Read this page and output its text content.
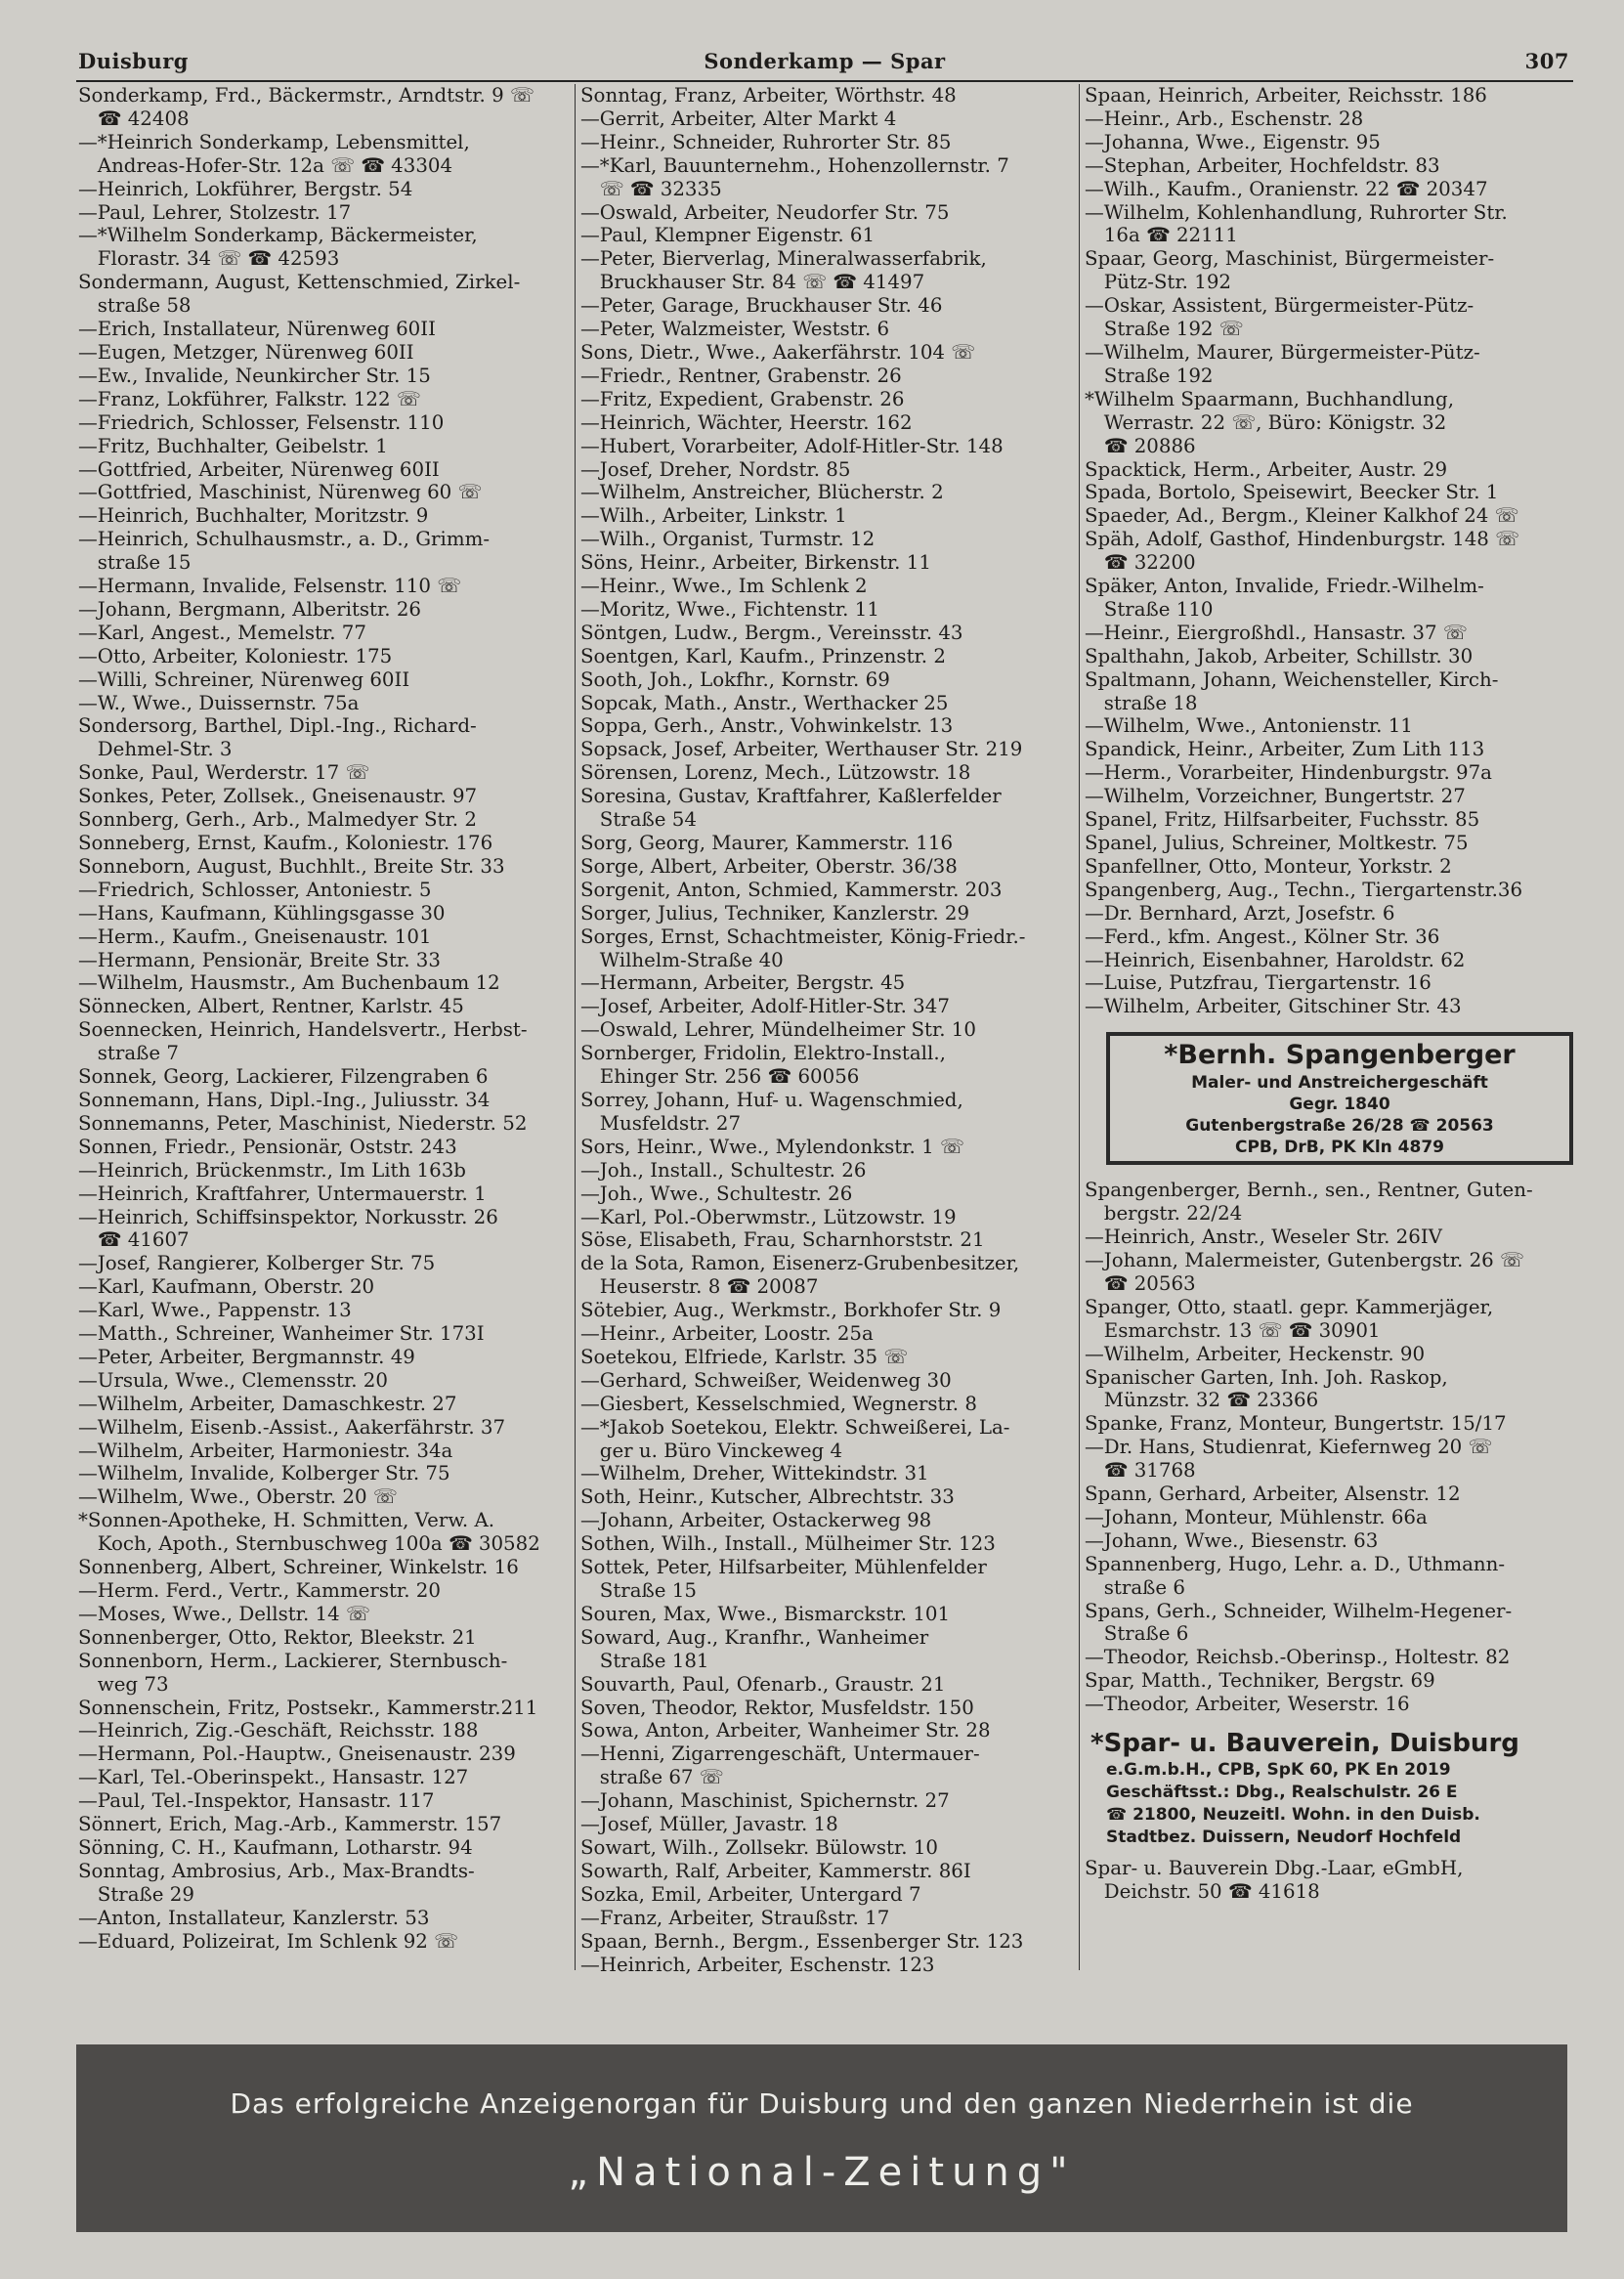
Duisburg	Sonderkamp — Spar	307
Sonderkamp, Frd., Bäckermstr., Arndtstr. 9 ☏
 ☎ 42408
—*Heinrich Sonderkamp, Lebensmittel,
 Andreas-Hofer-Str. 12a ☏ ☎ 43304
—Heinrich, Lokführer, Bergstr. 54
—Paul, Lehrer, Stolzestr. 17
—*Wilhelm Sonderkamp, Bäckermeister,
 Florastr. 34 ☏ ☎ 42593
Sondermann, August, Kettenschmied, Zirkel-
 straße 58
—Erich, Installateur, Nürenweg 60II
—Eugen, Metzger, Nürenweg 60II
—Ew., Invalide, Neunkircher Str. 15
—Franz, Lokführer, Falkstr. 122 ☏
—Friedrich, Schlosser, Felsenstr. 110
—Fritz, Buchhalter, Geibelstr. 1
—Gottfried, Arbeiter, Nürenweg 60II
—Gottfried, Maschinist, Nürenweg 60 ☏
—Heinrich, Buchhalter, Moritzstr. 9
—Heinrich, Schulhausmstr., a. D., Grimm-
 straße 15
—Hermann, Invalide, Felsenstr. 110 ☏
—Johann, Bergmann, Alberitstr. 26
—Karl, Angest., Memelstr. 77
—Otto, Arbeiter, Koloniestr. 175
—Willi, Schreiner, Nürenweg 60II
—W., Wwe., Duissernstr. 75a
Sondersorg, Barthel, Dipl.-Ing., Richard-
 Dehmel-Str. 3
Sonke, Paul, Werderstr. 17 ☏
Sonkes, Peter, Zollsek., Gneisenaustr. 97
Sonnberg, Gerh., Arb., Malmedyer Str. 2
Sonneberg, Ernst, Kaufm., Koloniestr. 176
Sonneborn, August, Buchhlt., Breite Str. 33
—Friedrich, Schlosser, Antoniestr. 5
—Hans, Kaufmann, Kühlingsgasse 30
—Herm., Kaufm., Gneisenaustr. 101
—Hermann, Pensionär, Breite Str. 33
—Wilhelm, Hausmstr., Am Buchenbaum 12
Sönnecken, Albert, Rentner, Karlstr. 45
Soennecken, Heinrich, Handelsvertr., Herbst-
 straße 7
Sonnek, Georg, Lackierer, Filzengraben 6
Sonnemann, Hans, Dipl.-Ing., Juliusstr. 34
Sonnemanns, Peter, Maschinist, Niederstr. 52
Sonnen, Friedr., Pensionär, Oststr. 243
—Heinrich, Brückenmstr., Im Lith 163b
—Heinrich, Kraftfahrer, Untermauerstr. 1
—Heinrich, Schiffsinspektor, Norkusstr. 26
 ☎ 41607
—Josef, Rangierer, Kolberger Str. 75
—Karl, Kaufmann, Oberstr. 20
—Karl, Wwe., Pappenstr. 13
—Matth., Schreiner, Wanheimer Str. 173I
—Peter, Arbeiter, Bergmannstr. 49
—Ursula, Wwe., Clemensstr. 20
—Wilhelm, Arbeiter, Damaschkestr. 27
—Wilhelm, Eisenb.-Assist., Aakerfährstr. 37
—Wilhelm, Arbeiter, Harmoniestr. 34a
—Wilhelm, Invalide, Kolberger Str. 75
—Wilhelm, Wwe., Oberstr. 20 ☏
*Sonnen-Apotheke, H. Schmitten, Verw. A.
 Koch, Apoth., Sternbuschweg 100a ☎ 30582
Sonnenberg, Albert, Schreiner, Winkelstr. 16
—Herm. Ferd., Vertr., Kammerstr. 20
—Moses, Wwe., Dellstr. 14 ☏
Sonnenberger, Otto, Rektor, Bleekstr. 21
Sonnenborn, Herm., Lackierer, Sternbusch-
 weg 73
Sonnenschein, Fritz, Postsekr., Kammerstr.211
—Heinrich, Zig.-Geschäft, Reichsstr. 188
—Hermann, Pol.-Hauptw., Gneisenaustr. 239
—Karl, Tel.-Oberinspekt., Hansastr. 127
—Paul, Tel.-Inspektor, Hansastr. 117
Sönnert, Erich, Mag.-Arb., Kammerstr. 157
Sönning, C. H., Kaufmann, Lotharstr. 94
Sonntag, Ambrosius, Arb., Max-Brandts-
 Straße 29
—Anton, Installateur, Kanzlerstr. 53
—Eduard, Polizeirat, Im Schlenk 92 ☏
Sonntag, Franz, Arbeiter, Wörthstr. 48
—Gerrit, Arbeiter, Alter Markt 4
—Heinr., Schneider, Ruhrorter Str. 85
—*Karl, Bauunternehm., Hohenzollernstr. 7
 ☏ ☎ 32335
—Oswald, Arbeiter, Neudorfer Str. 75
—Paul, Klempner Eigenstr. 61
—Peter, Bierverlag, Mineralwasserfabrik,
 Bruckhauser Str. 84 ☏ ☎ 41497
—Peter, Garage, Bruckhauser Str. 46
—Peter, Walzmeister, Weststr. 6
Sons, Dietr., Wwe., Aakerfährstr. 104 ☏
—Friedr., Rentner, Grabenstr. 26
—Fritz, Expedient, Grabenstr. 26
—Heinrich, Wächter, Heerstr. 162
—Hubert, Vorarbeiter, Adolf-Hitler-Str. 148
—Josef, Dreher, Nordstr. 85
—Wilhelm, Anstreicher, Blücherstr. 2
—Wilh., Arbeiter, Linkstr. 1
—Wilh., Organist, Turmstr. 12
Söns, Heinr., Arbeiter, Birkenstr. 11
—Heinr., Wwe., Im Schlenk 2
—Moritz, Wwe., Fichtenstr. 11
Söntgen, Ludw., Bergm., Vereinsstr. 43
Soentgen, Karl, Kaufm., Prinzenstr. 2
Sooth, Joh., Lokfhr., Kornstr. 69
Sopcak, Math., Anstr., Werthacker 25
Soppa, Gerh., Anstr., Vohwinkelstr. 13
Sopsack, Josef, Arbeiter, Werthauser Str. 219
Sörensen, Lorenz, Mech., Lützowstr. 18
Soresina, Gustav, Kraftfahrer, Kaßlerfelder
 Straße 54
Sorg, Georg, Maurer, Kammerstr. 116
Sorge, Albert, Arbeiter, Oberstr. 36/38
Sorgenit, Anton, Schmied, Kammerstr. 203
Sorger, Julius, Techniker, Kanzlerstr. 29
Sorges, Ernst, Schachtmeister, König-Friedr.-
 Wilhelm-Straße 40
—Hermann, Arbeiter, Bergstr. 45
—Josef, Arbeiter, Adolf-Hitler-Str. 347
—Oswald, Lehrer, Mündelheimer Str. 10
Sornberger, Fridolin, Elektro-Install.,
 Ehinger Str. 256 ☎ 60056
Sorrey, Johann, Huf- u. Wagenschmied,
 Musfeldstr. 27
Sors, Heinr., Wwe., Mylendonkstr. 1 ☏
—Joh., Install., Schultestr. 26
—Joh., Wwe., Schultestr. 26
—Karl, Pol.-Oberwmstr., Lützowstr. 19
Söse, Elisabeth, Frau, Scharnhorststr. 21
de la Sota, Ramon, Eisenerz-Grubenbesitzer,
 Heuserstr. 8 ☎ 20087
Sötebier, Aug., Werkmstr., Borkhofer Str. 9
—Heinr., Arbeiter, Loostr. 25a
Soetekou, Elfriede, Karlstr. 35 ☏
—Gerhard, Schweißer, Weidenweg 30
—Giesbert, Kesselschmied, Wegnerstr. 8
—*Jakob Soetekou, Elektr. Schweißerei, La-
 ger u. Büro Vinckeweg 4
—Wilhelm, Dreher, Wittekindstr. 31
Soth, Heinr., Kutscher, Albrechtstr. 33
—Johann, Arbeiter, Ostackerweg 98
Sothen, Wilh., Install., Mülheimer Str. 123
Sottek, Peter, Hilfsarbeiter, Mühlenfelder
 Straße 15
Souren, Max, Wwe., Bismarckstr. 101
Soward, Aug., Kranfhr., Wanheimer
 Straße 181
Souvarth, Paul, Ofenarb., Graustr. 21
Soven, Theodor, Rektor, Musfeldstr. 150
Sowa, Anton, Arbeiter, Wanheimer Str. 28
—Henni, Zigarrengeschäft, Untermauer-
 straße 67 ☏
—Johann, Maschinist, Spichernstr. 27
—Josef, Müller, Javastr. 18
Sowart, Wilh., Zollsekr. Bülowstr. 10
Sowarth, Ralf, Arbeiter, Kammerstr. 86I
Sozka, Emil, Arbeiter, Untergard 7
—Franz, Arbeiter, Straußstr. 17
Spaan, Bernh., Bergm., Essenberger Str. 123
—Heinrich, Arbeiter, Eschenstr. 123
Spaan, Heinrich, Arbeiter, Reichsstr. 186
—Heinr., Arb., Eschenstr. 28
—Johanna, Wwe., Eigenstr. 95
—Stephan, Arbeiter, Hochfeldstr. 83
—Wilh., Kaufm., Oranienstr. 22 ☎ 20347
—Wilhelm, Kohlenhandlung, Ruhrorter Str.
 16a ☎ 22111
Spaar, Georg, Maschinist, Bürgermeister-
 Pütz-Str. 192
—Oskar, Assistent, Bürgermeister-Pütz-
 Straße 192 ☏
—Wilhelm, Maurer, Bürgermeister-Pütz-
 Straße 192
*Wilhelm Spaarmann, Buchhandlung,
 Werrastr. 22 ☏, Büro: Königstr. 32
 ☎ 20886
Spacktick, Herm., Arbeiter, Austr. 29
Spada, Bortolo, Speisewirt, Beecker Str. 1
Spaeder, Ad., Bergm., Kleiner Kalkhof 24 ☏
Späh, Adolf, Gasthof, Hindenburgstr. 148 ☏
 ☎ 32200
Späker, Anton, Invalide, Friedr.-Wilhelm-
 Straße 110
—Heinr., Eiergroßhdl., Hansastr. 37 ☏
Spalthahn, Jakob, Arbeiter, Schillstr. 30
Spaltmann, Johann, Weichensteller, Kirch-
 straße 18
—Wilhelm, Wwe., Antonienstr. 11
Spandick, Heinr., Arbeiter, Zum Lith 113
—Herm., Vorarbeiter, Hindenburgstr. 97a
—Wilhelm, Vorzeichner, Bungertstr. 27
Spanel, Fritz, Hilfsarbeiter, Fuchsstr. 85
Spanel, Julius, Schreiner, Moltkestr. 75
Spanfellner, Otto, Monteur, Yorkstr. 2
Spangenberg, Aug., Techn., Tiergartenstr.36
—Dr. Bernhard, Arzt, Josefstr. 6
—Ferd., kfm. Angest., Kölner Str. 36
—Heinrich, Eisenbahner, Haroldstr. 62
—Luise, Putzfrau, Tiergartenstr. 16
—Wilhelm, Arbeiter, Gitschiner Str. 43
*Bernh. Spangenberger
Maler- und Anstreichergeschäft
Gegr. 1840
Gutenbergstraße 26/28 ☎ 20563
CPB, DrB, PK Kln 4879
Spangenberger, Bernh., sen., Rentner, Guten-
 bergstr. 22/24
—Heinrich, Anstr., Weseler Str. 26IV
—Johann, Malermeister, Gutenbergstr. 26 ☏
 ☎ 20563
Spanger, Otto, staatl. gepr. Kammerjäger,
 Esmarchstr. 13 ☏ ☎ 30901
—Wilhelm, Arbeiter, Heckenstr. 90
Spanischer Garten, Inh. Joh. Raskop,
 Münzstr. 32 ☎ 23366
Spanke, Franz, Monteur, Bungertstr. 15/17
—Dr. Hans, Studienrat, Kiefernweg 20 ☏
 ☎ 31768
Spann, Gerhard, Arbeiter, Alsenstr. 12
—Johann, Monteur, Mühlenstr. 66a
—Johann, Wwe., Biesenstr. 63
Spannenberg, Hugo, Lehr. a. D., Uthmann-
 straße 6
Spans, Gerh., Schneider, Wilhelm-Hegener-
 Straße 6
—Theodor, Reichsb.-Oberinsp., Holtestr. 82
Spar, Matth., Techniker, Bergstr. 69
—Theodor, Arbeiter, Weserstr. 16
*Spar- u. Bauverein, Duisburg
e.G.m.b.H., CPB, SpK 60, PK En 2019
Geschäftsst.: Dbg., Realschulstr. 26 E
☎ 21800, Neuzeitl. Wohn. in den Duisb.
Stadtbez. Duissern, Neudorf Hochfeld
Spar- u. Bauverein Dbg.-Laar, eGmbH,
 Deichstr. 50 ☎ 41618
Das erfolgreiche Anzeigenorgan für Duisburg und den ganzen Niederrhein ist die
„National-Zeitung"
